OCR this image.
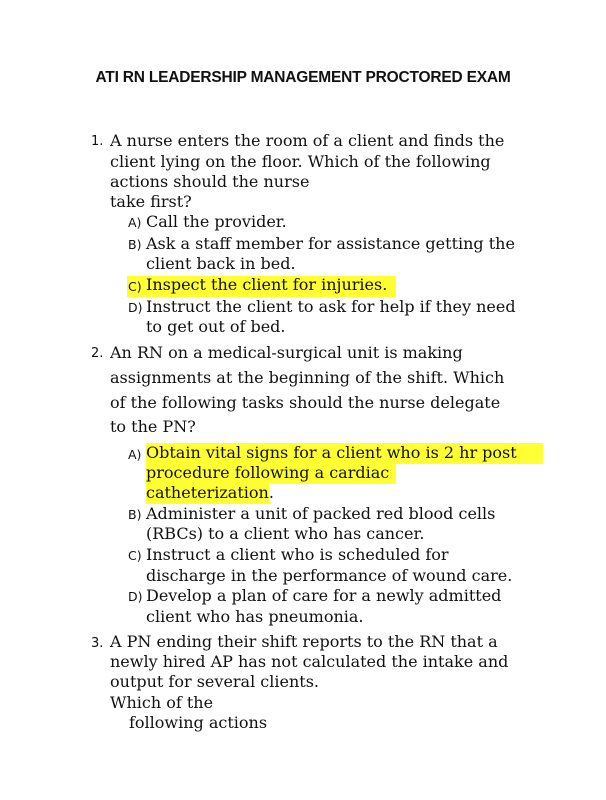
ATI RN LEADERSHIP MANAGEMENT PROCTORED EXAM
1. A nurse enters the room of a client and finds the
client lying on the floor. Which of the following
actions should the nurse
take first?
A) Call the provider.
B) Ask a staff member for assistance getting the
client back in bed.
C) Inspect the client for injuries.
D) Instruct the client to ask for help if they need
to get out of bed.
2. An RN on a medical-surgical unit is making
assignments at the beginning of the shift. Which
of the following tasks should the nurse delegate
to the PN?
A) Obtain vital signs for a client who is 2 hr post
procedure following a cardiac
catheterization.
B) Administer a unit of packed red blood cells
(RBCs) to a client who has cancer.
C) Instruct a client who is scheduled for
discharge in the performance of wound care.
D) Develop a plan of care for a newly admitted
client who has pneumonia.
3. A PN ending their shift reports to the RN that a
newly hired AP has not calculated the intake and
output for several clients.
Which of the
following actions
